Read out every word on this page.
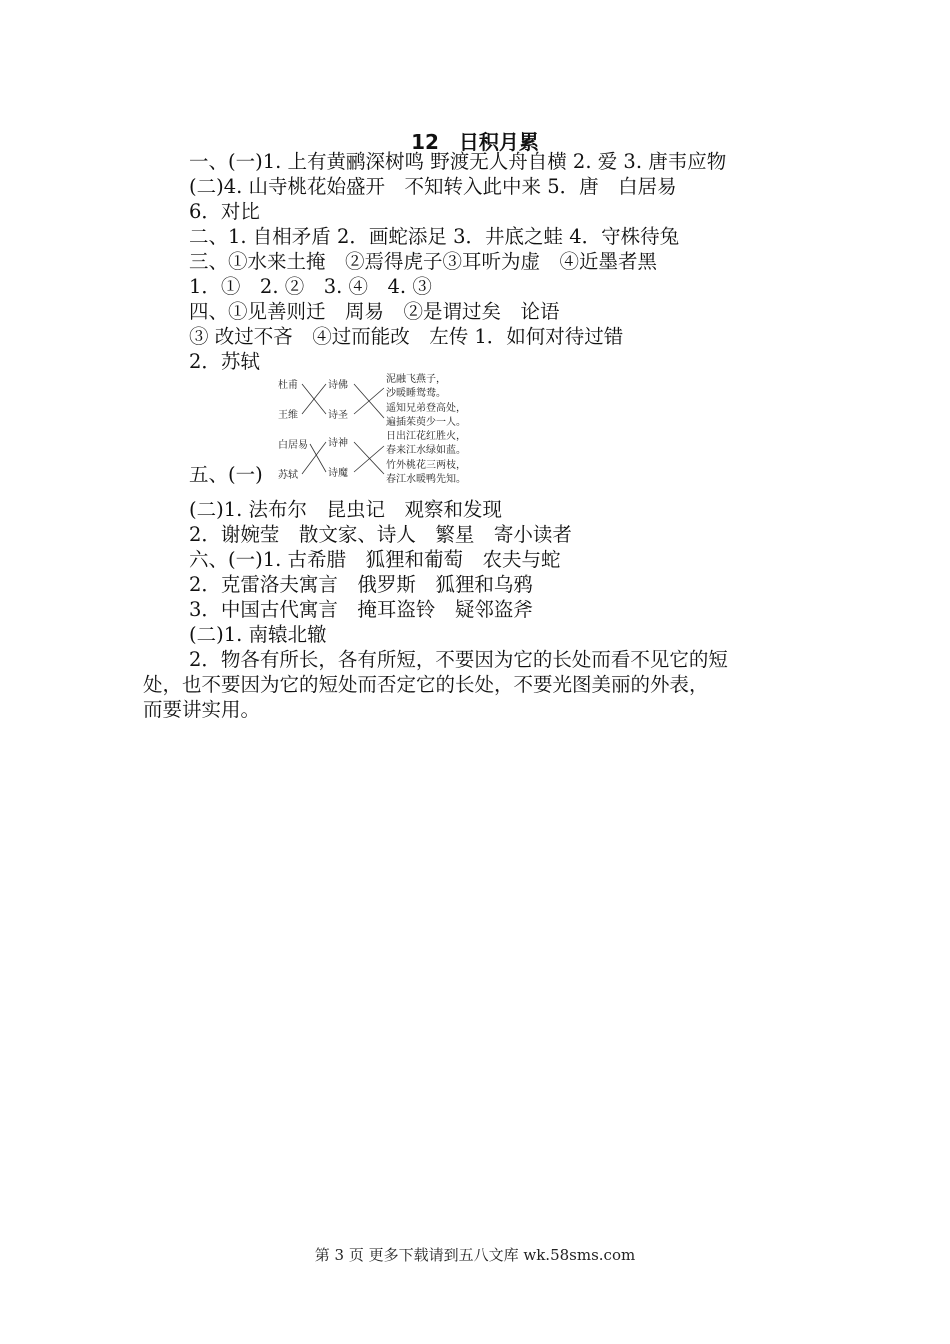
12　日积月累
一、(一)1. 上有黄鹂深树鸣 野渡无人舟自横 2. 爱 3. 唐韦应物
(二)4. 山寺桃花始盛开　不知转入此中来 5．唐　白居易
6．对比
二、1. 自相矛盾 2．画蛇添足 3．井底之蛙 4．守株待兔
三、①水来土掩　②焉得虎子③耳听为虚　④近墨者黑
1．①　2. ②　3. ④　4. ③
四、①见善则迁　周易　②是谓过矣　论语
③ 改过不吝　④过而能改　左传 1．如何对待过错
2．苏轼
杜甫
王维
白居易
苏轼
诗佛
诗圣
诗神
诗魔
泥融飞燕子，
沙暖睡鸳鸯。
遥知兄弟登高处，
遍插茱萸少一人。
日出江花红胜火，
春来江水绿如蓝。
竹外桃花三两枝，
春江水暖鸭先知。
五、(一)
(二)1. 法布尔　昆虫记　观察和发现
2．谢婉莹　散文家、诗人　繁星　寄小读者
六、(一)1. 古希腊　狐狸和葡萄　农夫与蛇
2．克雷洛夫寓言　俄罗斯　狐狸和乌鸦
3．中国古代寓言　掩耳盗铃　疑邻盗斧
(二)1. 南辕北辙
2．物各有所长，各有所短，不要因为它的长处而看不见它的短
处，也不要因为它的短处而否定它的长处，不要光图美丽的外表，
而要讲实用。
第 3 页 更多下载请到五八文库 wk.58sms.com
